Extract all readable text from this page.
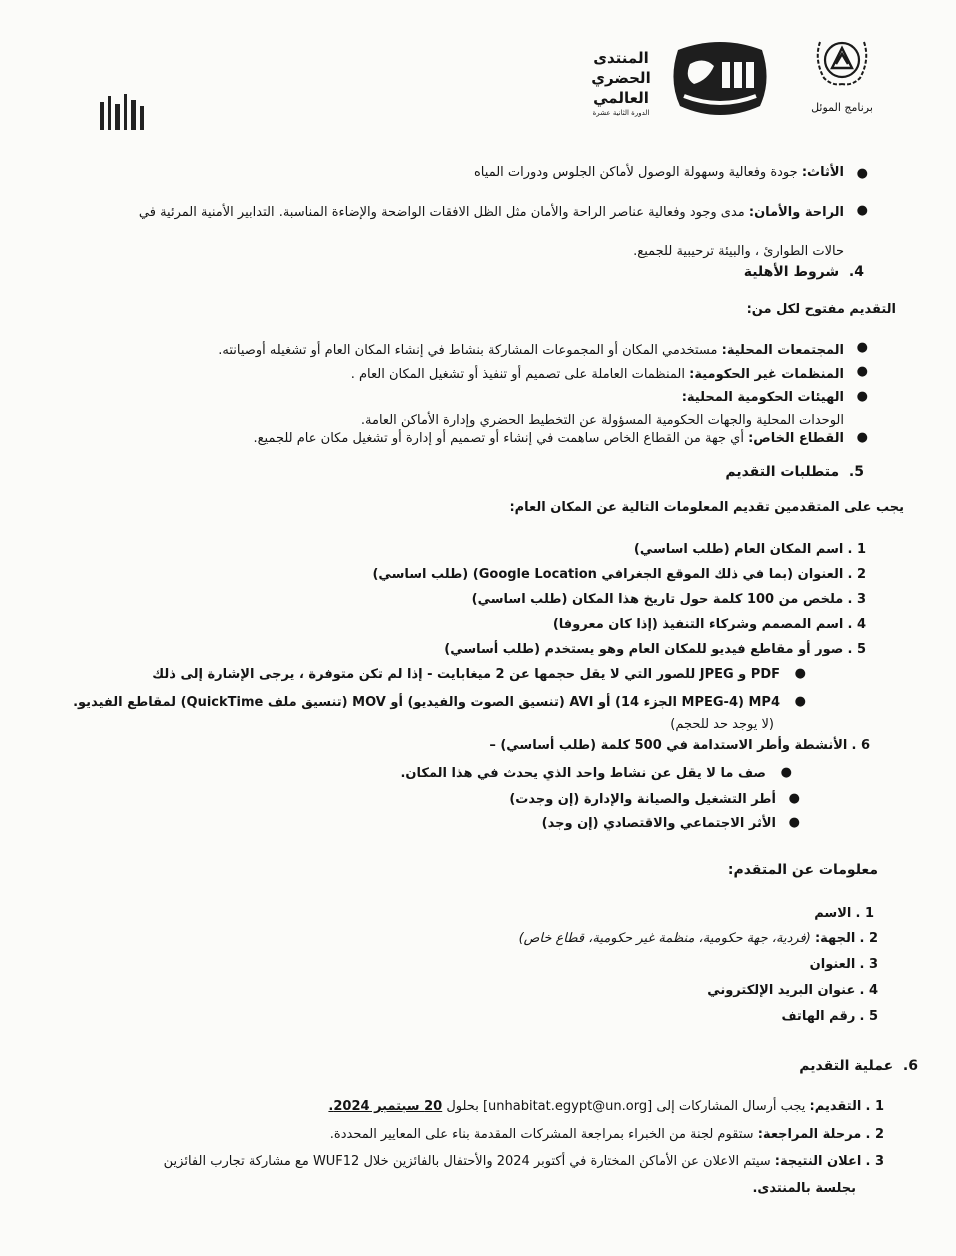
برنامج الموئل
المنتدى
الحضري
العالمي
الدورة الثانية عشرة
●
الأثاث: جودة وفعالية وسهولة الوصول لأماكن الجلوس ودورات المياه
●
الراحة والأمان: مدى وجود وفعالية عناصر الراحة والأمان مثل الظل الافقات الواضحة والإضاءة المناسبة. التدابير الأمنية المرئية في
حالات الطوارئ ، والبيئة ترحيبية للجميع.
4.  شروط الأهلية
التقديم مفتوح لكل من:
●
المجتمعات المحلية: مستخدمي المكان أو المجموعات المشاركة بنشاط في إنشاء المكان العام أو تشغيله أوصيانته.
●
المنظمات غير الحكومية: المنظمات العاملة على تصميم أو تنفيذ أو تشغيل المكان العام .
●
الهيئات الحكومية المحلية:
الوحدات المحلية والجهات الحكومية المسؤولة عن التخطيط الحضري وإدارة الأماكن العامة.
●
القطاع الخاص: أي جهة من القطاع الخاص ساهمت في إنشاء أو تصميم أو إدارة أو تشغيل مكان عام للجميع.
5.  متطلبات التقديم
يجب على المتقدمين تقديم المعلومات التالية عن المكان العام:
1 . اسم المكان العام (طلب اساسي)
2 . العنوان (بما في ذلك الموقع الجغرافي Google Location) (طلب اساسي)
3 . ملخص من 100 كلمة حول تاريخ هذا المكان (طلب اساسي)
4 . اسم المصمم وشركاء التنفيذ (إذا كان معروفا)
5 . صور أو مقاطع فيديو للمكان العام وهو يستخدم (طلب أساسي)
●
PDF و JPEG للصور التي لا يقل حجمها عن 2 ميغابايت - إذا لم تكن متوفرة ، يرجى الإشارة إلى ذلك
●
MP4 (MPEG-4 الجزء 14) أو AVI (تنسيق الصوت والفيديو) أو MOV (تنسيق ملف QuickTime) لمقاطع الفيديو.
(لا يوجد حد للحجم)
6 . الأنشطة وأطر الاستدامة في 500 كلمة (طلب أساسي) –
●
صف ما لا يقل عن نشاط واحد الذي يحدث في هذا المكان.
●
أطر التشغيل والصيانة والإدارة (إن وجدت)
●
الأثر الاجتماعي والاقتصادي (إن وجد)
معلومات عن المتقدم:
1 . الاسم
2 . الجهة: (فردية، جهة حكومية، منظمة غير حكومية، قطاع خاص)
3 . العنوان
4 . عنوان البريد الإلكتروني
5 . رقم الهاتف
6.  عملية التقديم
1 . التقديم: يجب أرسال المشاركات إلى [unhabitat.egypt@un.org] بحلول 20 سبتمبر 2024.
2 . مرحلة المراجعة: ستقوم لجنة من الخبراء بمراجعة المشركات المقدمة بناء على المعايير المحددة.
3 . اعلان النتيجة: سيتم الاعلان عن الأماكن المختارة في أكتوبر 2024 والأحتفال بالفائزين خلال WUF12 مع مشاركة تجارب الفائزين
بجلسة بالمنتدى.
